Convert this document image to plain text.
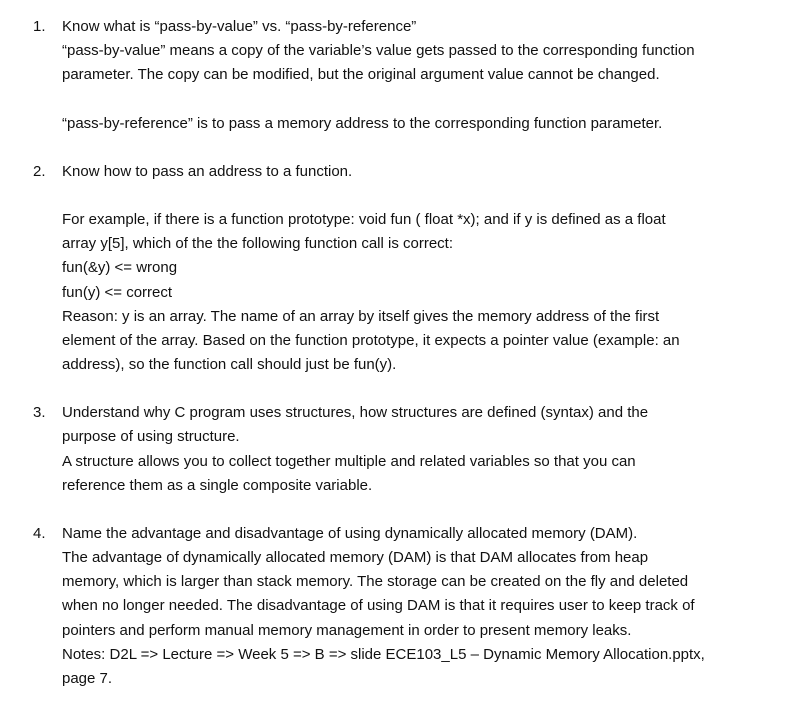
1. Know what is “pass-by-value” vs. “pass-by-reference”
“pass-by-value” means a copy of the variable’s value gets passed to the corresponding function
parameter. The copy can be modified, but the original argument value cannot be changed.
“pass-by-reference” is to pass a memory address to the corresponding function parameter.
2. Know how to pass an address to a function.
For example, if there is a function prototype: void fun ( float *x); and if y is defined as a float
array y[5], which of the the following function call is correct:
fun(&y) <= wrong
fun(y) <= correct
Reason: y is an array. The name of an array by itself gives the memory address of the first
element of the array. Based on the function prototype, it expects a pointer value (example: an
address), so the function call should just be fun(y).
3. Understand why C program uses structures, how structures are defined (syntax) and the
purpose of using structure.
A structure allows you to collect together multiple and related variables so that you can
reference them as a single composite variable.
4. Name the advantage and disadvantage of using dynamically allocated memory (DAM).
The advantage of dynamically allocated memory (DAM) is that DAM allocates from heap
memory, which is larger than stack memory. The storage can be created on the fly and deleted
when no longer needed. The disadvantage of using DAM is that it requires user to keep track of
pointers and perform manual memory management in order to present memory leaks.
Notes: D2L => Lecture => Week 5 => B => slide ECE103_L5 – Dynamic Memory Allocation.pptx,
page 7.
